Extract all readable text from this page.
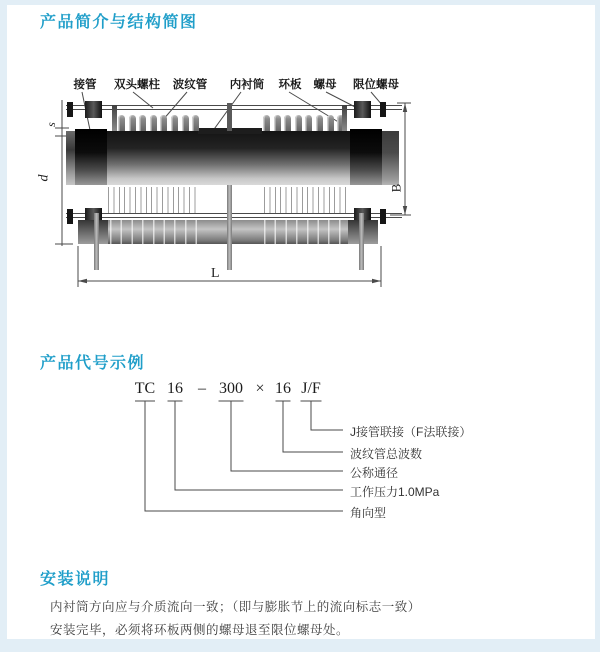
产品简介与结构简图
接管 双头螺柱 波纹管 内衬筒 环板 螺母 限位螺母
s
d
B
L
产品代号示例
TC 16 – 300 × 16 J/F
J接管联接（F法联接）
波纹管总波数
公称通径
工作压力1.0MPa
角向型
安装说明

内衬筒方向应与介质流向一致；（即与膨胀节上的流向标志一致）

安装完毕，必须将环板两侧的螺母退至限位螺母处。
